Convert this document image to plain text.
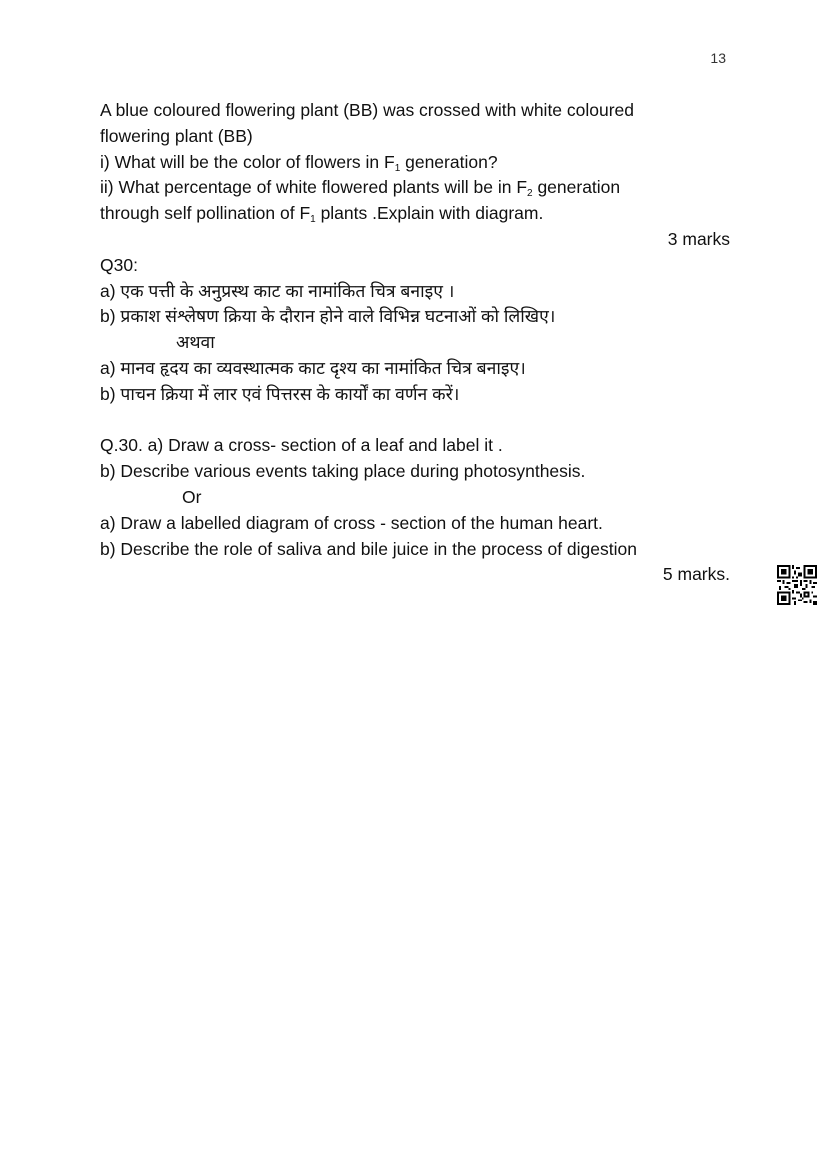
13

A blue coloured flowering plant (BB) was crossed with white coloured

flowering plant (BB)

i) What will be the color of flowers in $F_1$ generation?

ii) What percentage of white flowered plants will be in $F_2$ generation

through self pollination of $F_1$ plants .Explain with diagram.

3 marks

Q30:

a) एक पत्ती के अनुप्रस्थ काट का नामांकित चित्र बनाइए ।

b) प्रकाश संश्लेषण क्रिया के दौरान होने वाले विभिन्न घटनाओं को लिखिए।

अथवा

a) मानव हृदय का व्यवस्थात्मक काट दृश्य का नामांकित चित्र बनाइए।

b) पाचन क्रिया में लार एवं पित्तरस के कार्यों का वर्णन करें।

Q.30. a) Draw a cross- section of a leaf and label it .

b) Describe various events taking place during photosynthesis.

Or

a) Draw a labelled diagram of cross - section of the human heart.

b) Describe the role of saliva and bile juice in the process of digestion

5 marks.
